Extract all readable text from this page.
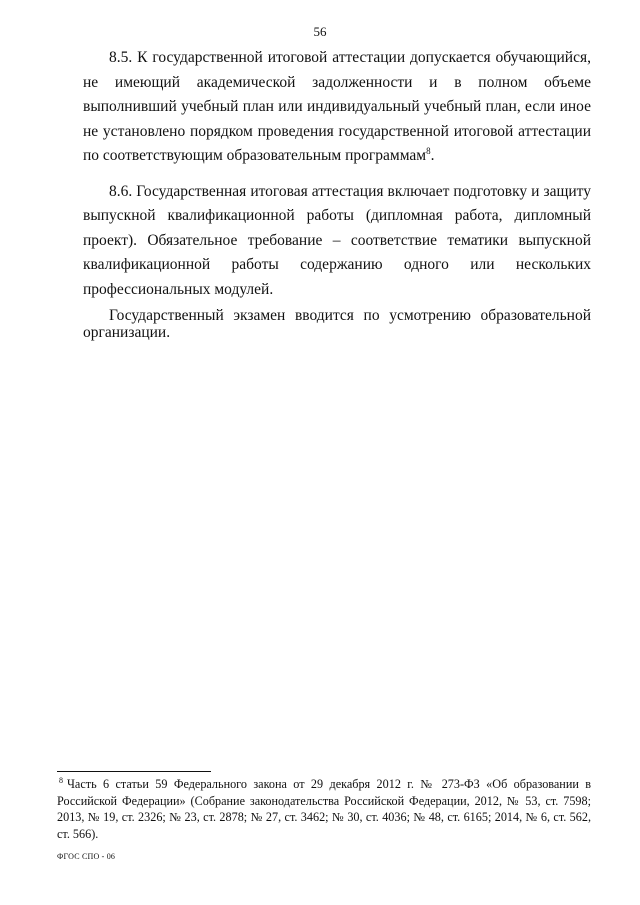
56

8.5. К государственной итоговой аттестации допускается обучающийся, не имеющий академической задолженности и в полном объеме выполнивший учебный план или индивидуальный учебный план, если иное не установлено порядком проведения государственной итоговой аттестации по соответствующим образовательным программам$^8$.

8.6. Государственная итоговая аттестация включает подготовку и защиту выпускной квалификационной работы (дипломная работа, дипломный проект). Обязательное требование – соответствие тематики выпускной квалификационной работы содержанию одного или нескольких профессиональных модулей.

Государственный экзамен вводится по усмотрению образовательной организации.

$^8$ Часть 6 статьи 59 Федерального закона от 29 декабря 2012 г. № 273-ФЗ «Об образовании в Российской Федерации» (Собрание законодательства Российской Федерации, 2012, № 53, ст. 7598; 2013, № 19, ст. 2326; № 23, ст. 2878; № 27, ст. 3462; № 30, ст. 4036; № 48, ст. 6165; 2014, № 6, ст. 562, ст. 566).

ФГОС СПО - 06
